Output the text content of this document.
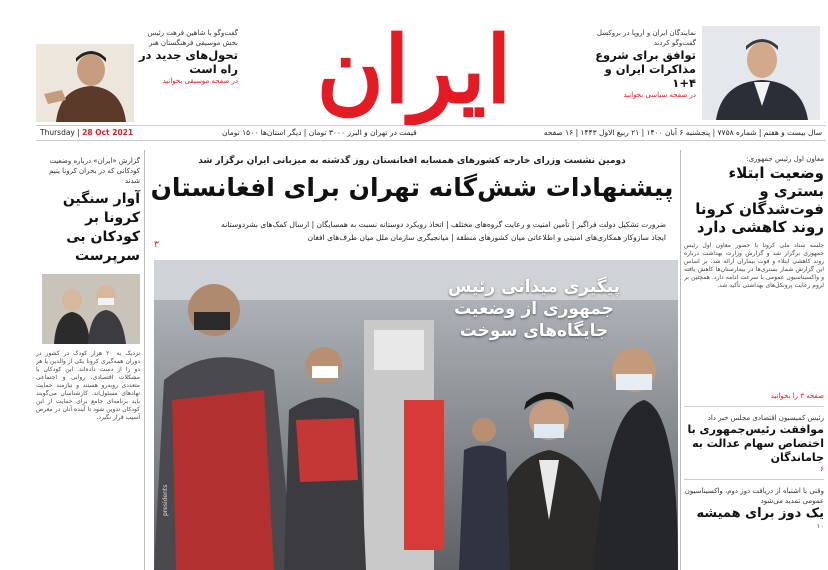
گفت‌وگو با شاهین فرهت رئیس بخش موسیقی فرهنگستان هنر
تحول‌های جدید در راه است
در صفحه موسیقی بخوانید ایران	نمایندگان ایران و اروپا در بروکسل گفت‌وگو کردند
توافق برای شروع مذاکرات ایران و ۴+۱
در صفحه سیاسی بخوانید
سال بیست و هفتم | شماره ۷۷۵۸ | پنجشنبه ۶ آبان ۱۴۰۰ | ۲۱ ربیع الاول ۱۴۴۳ | ۱۶ صفحه
قیمت در تهران و البرز ۳۰۰۰ تومان | دیگر استان‌ها ۱۵۰۰ تومان
Thursday | 28 Oct 2021
معاون اول رئیس جمهوری:
وضعیت ابتلاء بستری و فوت‌شدگان کرونا روند کاهشی دارد
جلسه ستاد ملی کرونا با حضور معاون اول رئیس جمهوری برگزار شد و گزارش وزارت بهداشت درباره روند کاهشی ابتلاء و فوت بیماران ارائه شد. بر اساس این گزارش شمار بستری‌ها در بیمارستان‌ها کاهش یافته و واکسیناسیون عمومی با سرعت ادامه دارد. همچنین بر لزوم رعایت پروتکل‌های بهداشتی تأکید شد.
صفحه ۳ را بخوانید
رئیس کمیسیون اقتصادی مجلس خبر داد
موافقت رئیس‌جمهوری با اختصاص سهام عدالت به جاماندگان
۶
وقتی با اشتباه از دریافت دوز دوم، واکسیناسیون عمومی تمدید می‌شود
یک دوز برای همیشه
۱۰
گزارش «ایران» درباره وضعیت کودکانی که در بحران کرونا یتیم شدند
آوار سنگین کرونا بر کودکان بی سرپرست
نزدیک به ۲۰ هزار کودک در کشور در دوران همه‌گیری کرونا یکی از والدین یا هر دو را از دست داده‌اند. این کودکان با مشکلات اقتصادی، روانی و اجتماعی متعددی روبه‌رو هستند و نیازمند حمایت نهادهای مسئول‌اند. کارشناسان می‌گویند باید برنامه‌ای جامع برای حمایت از این کودکان تدوین شود تا آینده آنان در معرض آسیب قرار نگیرد.
دومین نشست وزرای خارجه کشورهای همسایه افغانستان روز گذشته به میزبانی ایران برگزار شد
پیشنهادات شش‌گانه تهران برای افغانستان
ضرورت تشکیل دولت فراگیر | تأمین امنیت و رعایت گروه‌های مختلف | اتخاذ رویکرد دوستانه نسبت به همسایگان | ارسال کمک‌های بشردوستانه
ایجاد سازوکار همکاری‌های امنیتی و اطلاعاتی میان کشورهای منطقه | میانجیگری سازمان ملل میان طرف‌های افغان
۳
پیگیری میدانی رئیس جمهوری از وضعیت جایگاه‌های سوخت
presidents
